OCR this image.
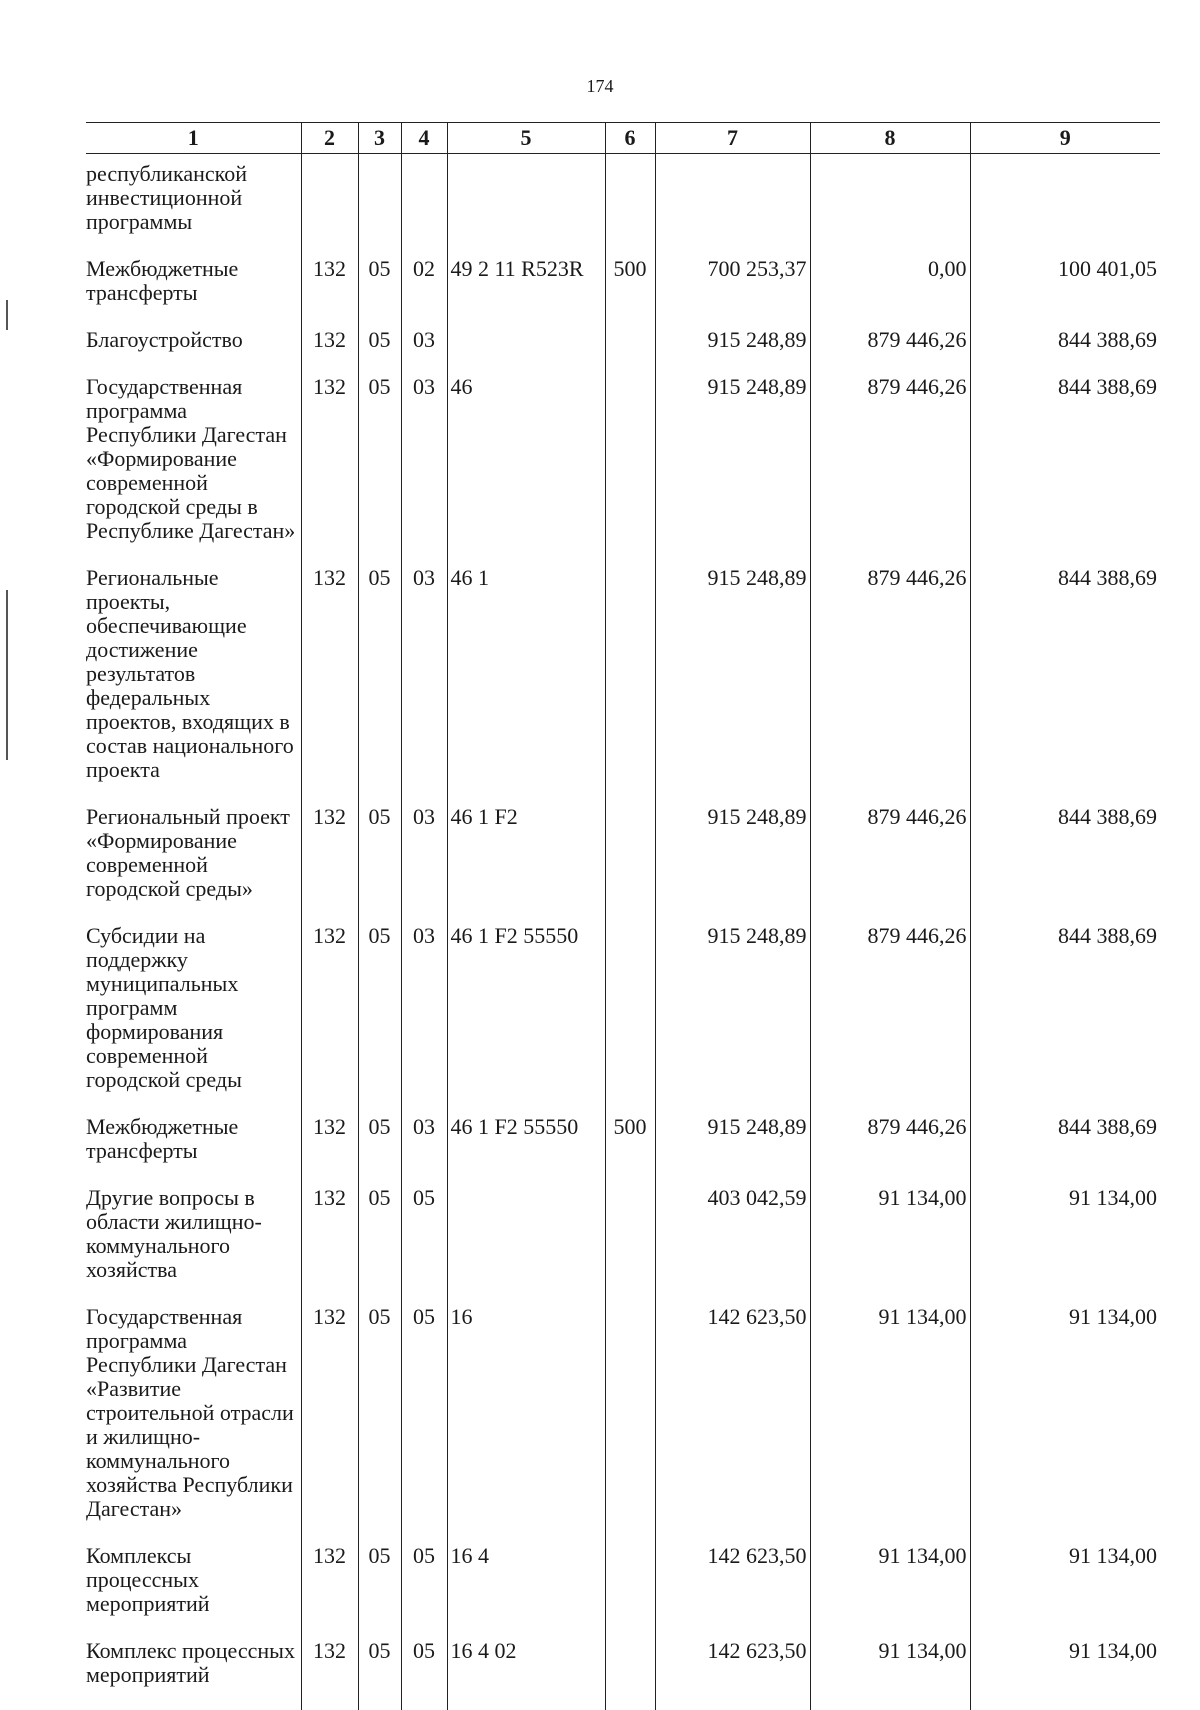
174
1	2	3	4	5	6	7	8	9
республиканской инвестиционной программы								
Межбюджетные трансферты	132	05	02	49 2 11 R523R	500	700 253,37	0,00	100 401,05
Благоустройство	132	05	03			915 248,89	879 446,26	844 388,69
Государственная программа Республики Дагестан «Формирование современной городской среды в Республике Дагестан»	132	05	03	46		915 248,89	879 446,26	844 388,69
Региональные проекты, обеспечивающие достижение результатов федеральных проектов, входящих в состав национального проекта	132	05	03	46 1		915 248,89	879 446,26	844 388,69
Региональный проект «Формирование современной городской среды»	132	05	03	46 1 F2		915 248,89	879 446,26	844 388,69
Субсидии на поддержку муниципальных программ формирования современной городской среды	132	05	03	46 1 F2 55550		915 248,89	879 446,26	844 388,69
Межбюджетные трансферты	132	05	03	46 1 F2 55550	500	915 248,89	879 446,26	844 388,69
Другие вопросы в области жилищно-коммунального хозяйства	132	05	05			403 042,59	91 134,00	91 134,00
Государственная программа Республики Дагестан «Развитие строительной отрасли и жилищно-коммунального хозяйства Республики Дагестан»	132	05	05	16		142 623,50	91 134,00	91 134,00
Комплексы процессных мероприятий	132	05	05	16 4		142 623,50	91 134,00	91 134,00
Комплекс процессных мероприятий	132	05	05	16 4 02		142 623,50	91 134,00	91 134,00
